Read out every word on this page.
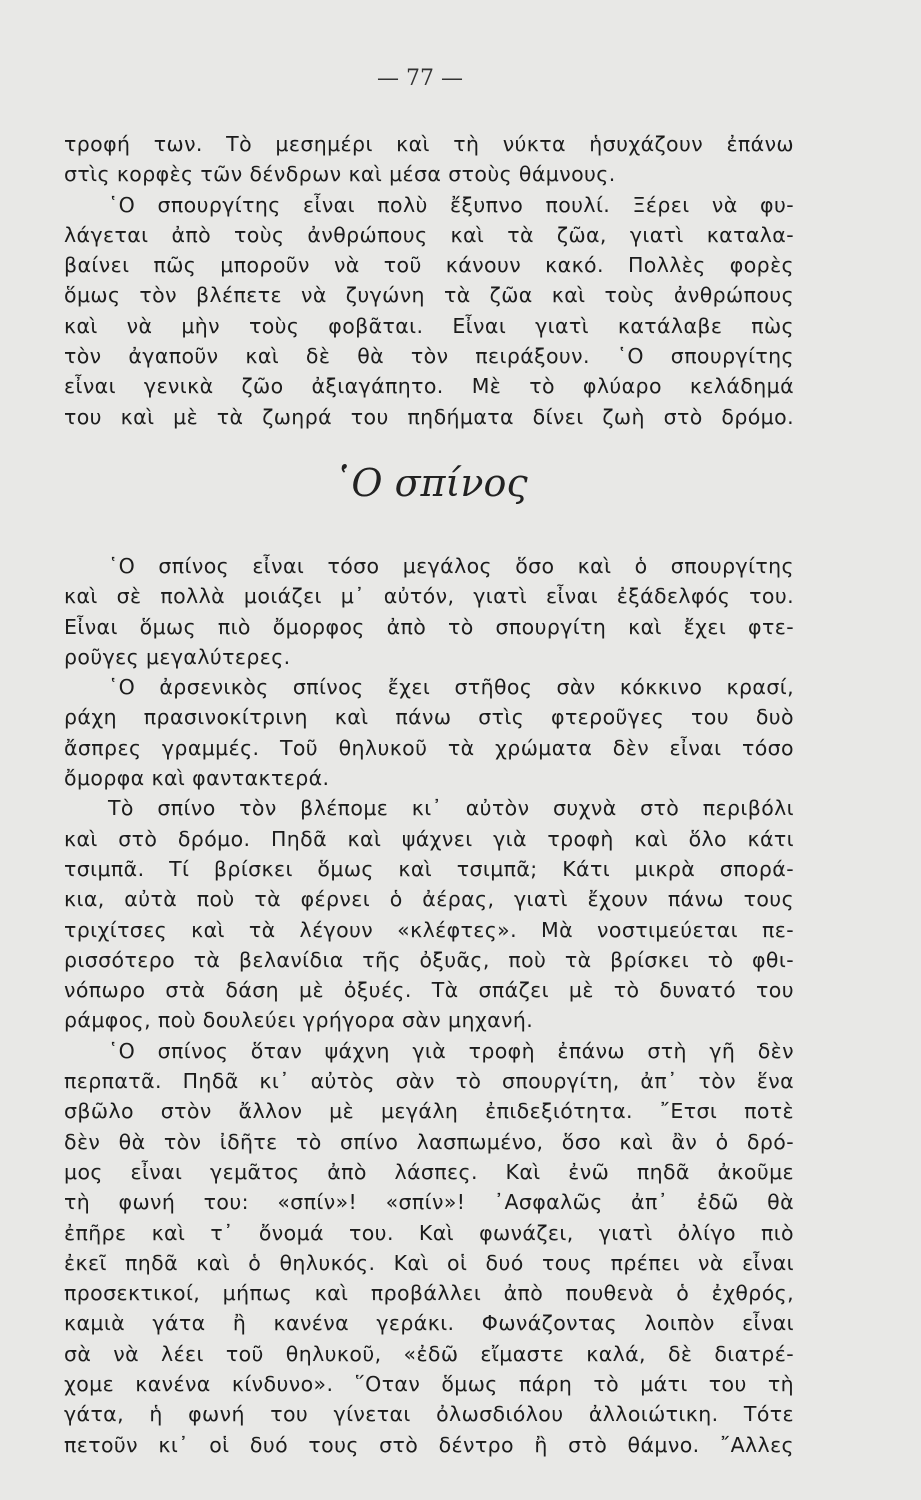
— 77 —
τροφή των. Τὸ μεσημέρι καὶ τὴ νύκτα ἡσυχάζουν ἐπάνω
στὶς κορφὲς τῶν δένδρων καὶ μέσα στοὺς θάμνους.
῾Ο σπουργίτης εἶναι πολὺ ἔξυπνο πουλί. Ξέρει νὰ φυ-
λάγεται ἀπὸ τοὺς ἀνθρώπους καὶ τὰ ζῶα, γιατὶ καταλα-
βαίνει πῶς μποροῦν νὰ τοῦ κάνουν κακό. Πολλὲς φορὲς
ὅμως τὸν βλέπετε νὰ ζυγώνη τὰ ζῶα καὶ τοὺς ἀνθρώπους
καὶ νὰ μὴν τοὺς φοβᾶται. Εἶναι γιατὶ κατάλαβε πὼς
τὸν ἀγαποῦν καὶ δὲ θὰ τὸν πειράξουν. ῾Ο σπουργίτης
εἶναι γενικὰ ζῶο ἀξιαγάπητο. Μὲ τὸ φλύαρο κελάδημά
του καὶ μὲ τὰ ζωηρά του πηδήματα δίνει ζωὴ στὸ δρόμο.
῾Ο σπίνος
῾Ο σπίνος εἶναι τόσο μεγάλος ὅσο καὶ ὁ σπουργίτης
καὶ σὲ πολλὰ μοιάζει μ᾽ αὐτόν, γιατὶ εἶναι ἐξάδελφός του.
Εἶναι ὅμως πιὸ ὄμορφος ἀπὸ τὸ σπουργίτη καὶ ἔχει φτε-
ροῦγες μεγαλύτερες.
῾Ο ἀρσενικὸς σπίνος ἔχει στῆθος σὰν κόκκινο κρασί,
ράχη πρασινοκίτρινη καὶ πάνω στὶς φτεροῦγες του δυὸ
ἄσπρες γραμμές. Τοῦ θηλυκοῦ τὰ χρώματα δὲν εἶναι τόσο
ὄμορφα καὶ φαντακτερά.
Τὸ σπίνο τὸν βλέπομε κι᾽ αὐτὸν συχνὰ στὸ περιβόλι
καὶ στὸ δρόμο. Πηδᾶ καὶ ψάχνει γιὰ τροφὴ καὶ ὅλο κάτι
τσιμπᾶ. Τί βρίσκει ὅμως καὶ τσιμπᾶ; Κάτι μικρὰ σπορά-
κια, αὐτὰ ποὺ τὰ φέρνει ὁ ἀέρας, γιατὶ ἔχουν πάνω τους
τριχίτσες καὶ τὰ λέγουν «κλέφτες». Μὰ νοστιμεύεται πε-
ρισσότερο τὰ βελανίδια τῆς ὀξυᾶς, ποὺ τὰ βρίσκει τὸ φθι-
νόπωρο στὰ δάση μὲ ὀξυές. Τὰ σπάζει μὲ τὸ δυνατό του
ράμφος, ποὺ δουλεύει γρήγορα σὰν μηχανή.
῾Ο σπίνος ὅταν ψάχνη γιὰ τροφὴ ἐπάνω στὴ γῆ δὲν
περπατᾶ. Πηδᾶ κι᾽ αὐτὸς σὰν τὸ σπουργίτη, ἀπ᾽ τὸν ἕνα
σβῶλο στὸν ἄλλον μὲ μεγάλη ἐπιδεξιότητα. ῎Ετσι ποτὲ
δὲν θὰ τὸν ἰδῆτε τὸ σπίνο λασπωμένο, ὅσο καὶ ἂν ὁ δρό-
μος εἶναι γεμᾶτος ἀπὸ λάσπες. Καὶ ἐνῶ πηδᾶ ἀκοῦμε
τὴ φωνή του: «σπίν»! «σπίν»! ᾽Ασφαλῶς ἀπ᾽ ἐδῶ θὰ
ἐπῆρε καὶ τ᾽ ὄνομά του. Καὶ φωνάζει, γιατὶ ὀλίγο πιὸ
ἐκεῖ πηδᾶ καὶ ὁ θηλυκός. Καὶ οἱ δυό τους πρέπει νὰ εἶναι
προσεκτικοί, μήπως καὶ προβάλλει ἀπὸ πουθενὰ ὁ ἐχθρός,
καμιὰ γάτα ἢ κανένα γεράκι. Φωνάζοντας λοιπὸν εἶναι
σὰ νὰ λέει τοῦ θηλυκοῦ, «ἐδῶ εἴμαστε καλά, δὲ διατρέ-
χομε κανένα κίνδυνο». ῞Οταν ὅμως πάρη τὸ μάτι του τὴ
γάτα, ἡ φωνή του γίνεται ὀλωσδιόλου ἀλλοιώτικη. Τότε
πετοῦν κι᾽ οἱ δυό τους στὸ δέντρο ἢ στὸ θάμνο. ῎Αλλες
